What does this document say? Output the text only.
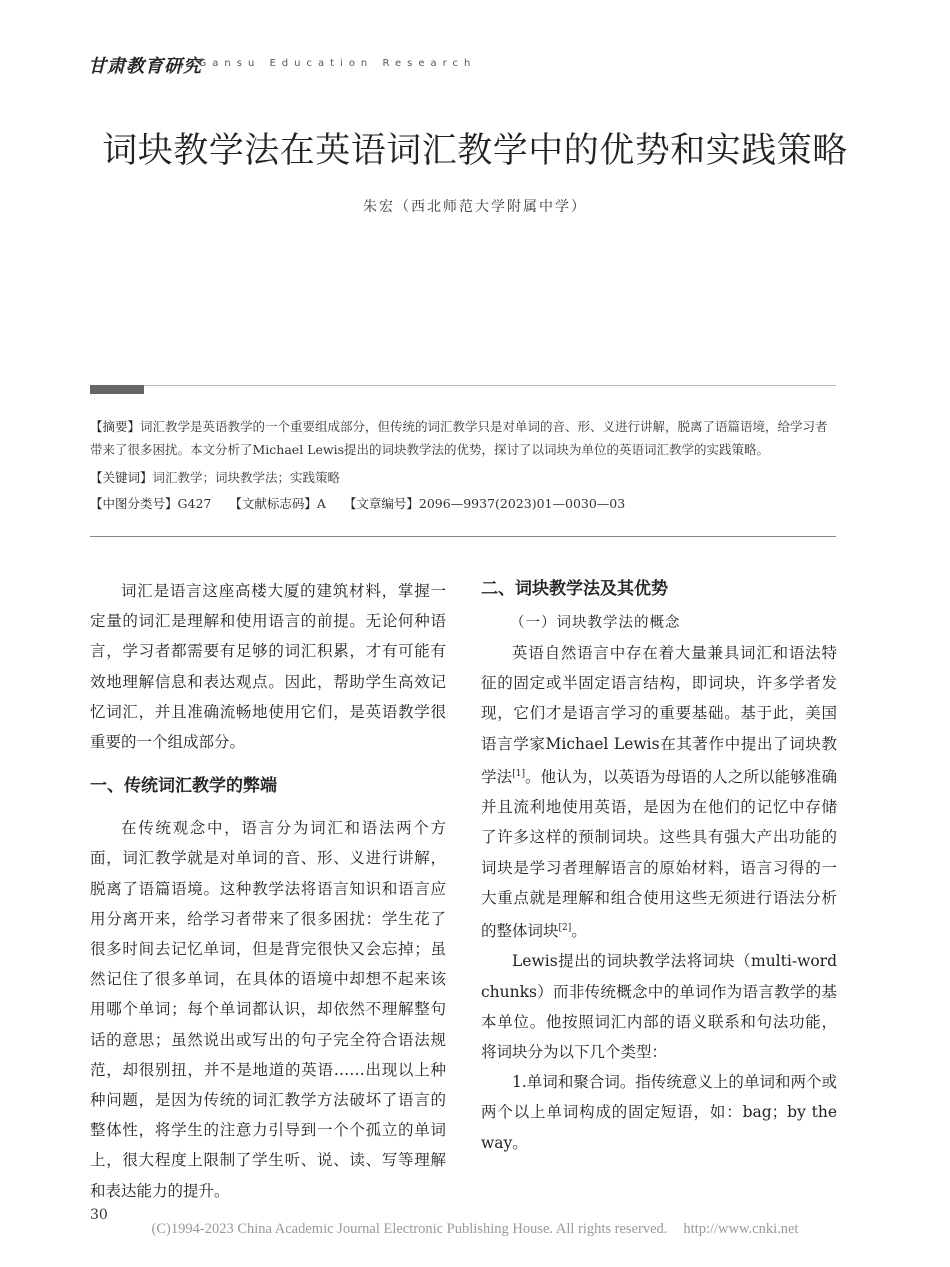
甘肃教育研究
| Gansu Education Research
词块教学法在英语词汇教学中的优势和实践策略
朱宏（西北师范大学附属中学）
【摘要】词汇教学是英语教学的一个重要组成部分，但传统的词汇教学只是对单词的音、形、义进行讲解，脱离了语篇语境，给学习者带来了很多困扰。本文分析了Michael Lewis提出的词块教学法的优势，探讨了以词块为单位的英语词汇教学的实践策略。
【关键词】词汇教学；词块教学法；实践策略
【中图分类号】G427 【文献标志码】A 【文章编号】2096—9937(2023)01—0030—03

词汇是语言这座高楼大厦的建筑材料，掌握一定量的词汇是理解和使用语言的前提。无论何种语言，学习者都需要有足够的词汇积累，才有可能有效地理解信息和表达观点。因此，帮助学生高效记忆词汇，并且准确流畅地使用它们，是英语教学很重要的一个组成部分。

一、传统词汇教学的弊端

在传统观念中，语言分为词汇和语法两个方面，词汇教学就是对单词的音、形、义进行讲解，脱离了语篇语境。这种教学法将语言知识和语言应用分离开来，给学习者带来了很多困扰：学生花了很多时间去记忆单词，但是背完很快又会忘掉；虽然记住了很多单词，在具体的语境中却想不起来该用哪个单词；每个单词都认识，却依然不理解整句话的意思；虽然说出或写出的句子完全符合语法规范，却很别扭，并不是地道的英语……出现以上种种问题，是因为传统的词汇教学方法破坏了语言的整体性，将学生的注意力引导到一个个孤立的单词上，很大程度上限制了学生听、说、读、写等理解和表达能力的提升。

二、词块教学法及其优势
（一）词块教学法的概念

英语自然语言中存在着大量兼具词汇和语法特征的固定或半固定语言结构，即词块，许多学者发现，它们才是语言学习的重要基础。基于此，美国语言学家Michael Lewis在其著作中提出了词块教学法[1]。他认为，以英语为母语的人之所以能够准确并且流利地使用英语，是因为在他们的记忆中存储了许多这样的预制词块。这些具有强大产出功能的词块是学习者理解语言的原始材料，语言习得的一大重点就是理解和组合使用这些无须进行语法分析的整体词块[2]。

Lewis提出的词块教学法将词块（multi-word chunks）而非传统概念中的单词作为语言教学的基本单位。他按照词汇内部的语义联系和句法功能，将词块分为以下几个类型：

1.单词和聚合词。指传统意义上的单词和两个或两个以上单词构成的固定短语，如：bag；by the way。

30
(C)1994-2023 China Academic Journal Electronic Publishing House. All rights reserved. http://www.cnki.net
